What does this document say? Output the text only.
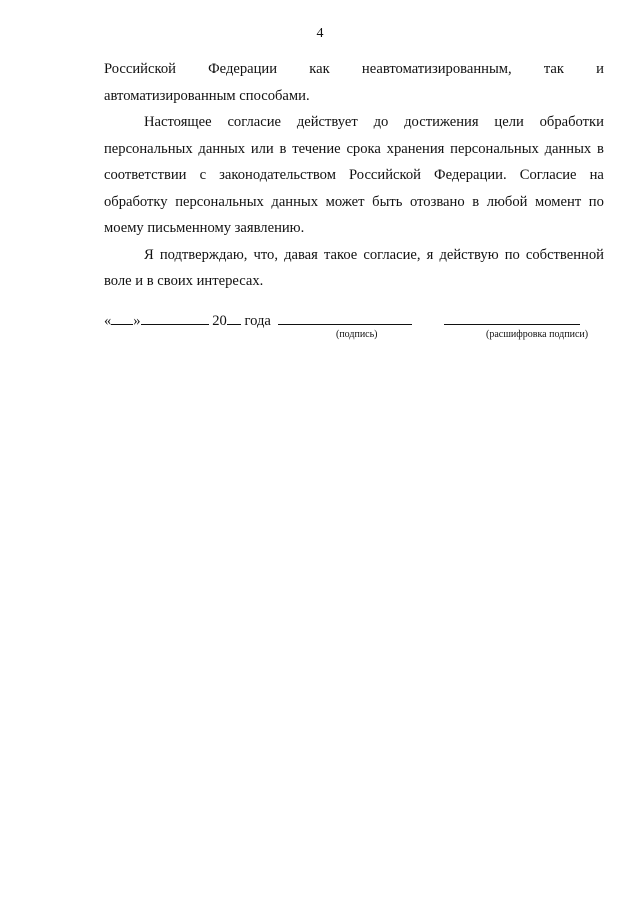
4
Российской Федерации как неавтоматизированным, так и
автоматизированным способами.
Настоящее согласие действует до достижения цели обработки
персональных данных или в течение срока хранения персональных данных в
соответствии с законодательством Российской Федерации. Согласие на
обработку персональных данных может быть отозвано в любой момент по
моему письменному заявлению.
Я подтверждаю, что, давая такое согласие, я действую по собственной
воле и в своих интересах.
« »	20 года
(подпись)	(расшифровка подписи)
